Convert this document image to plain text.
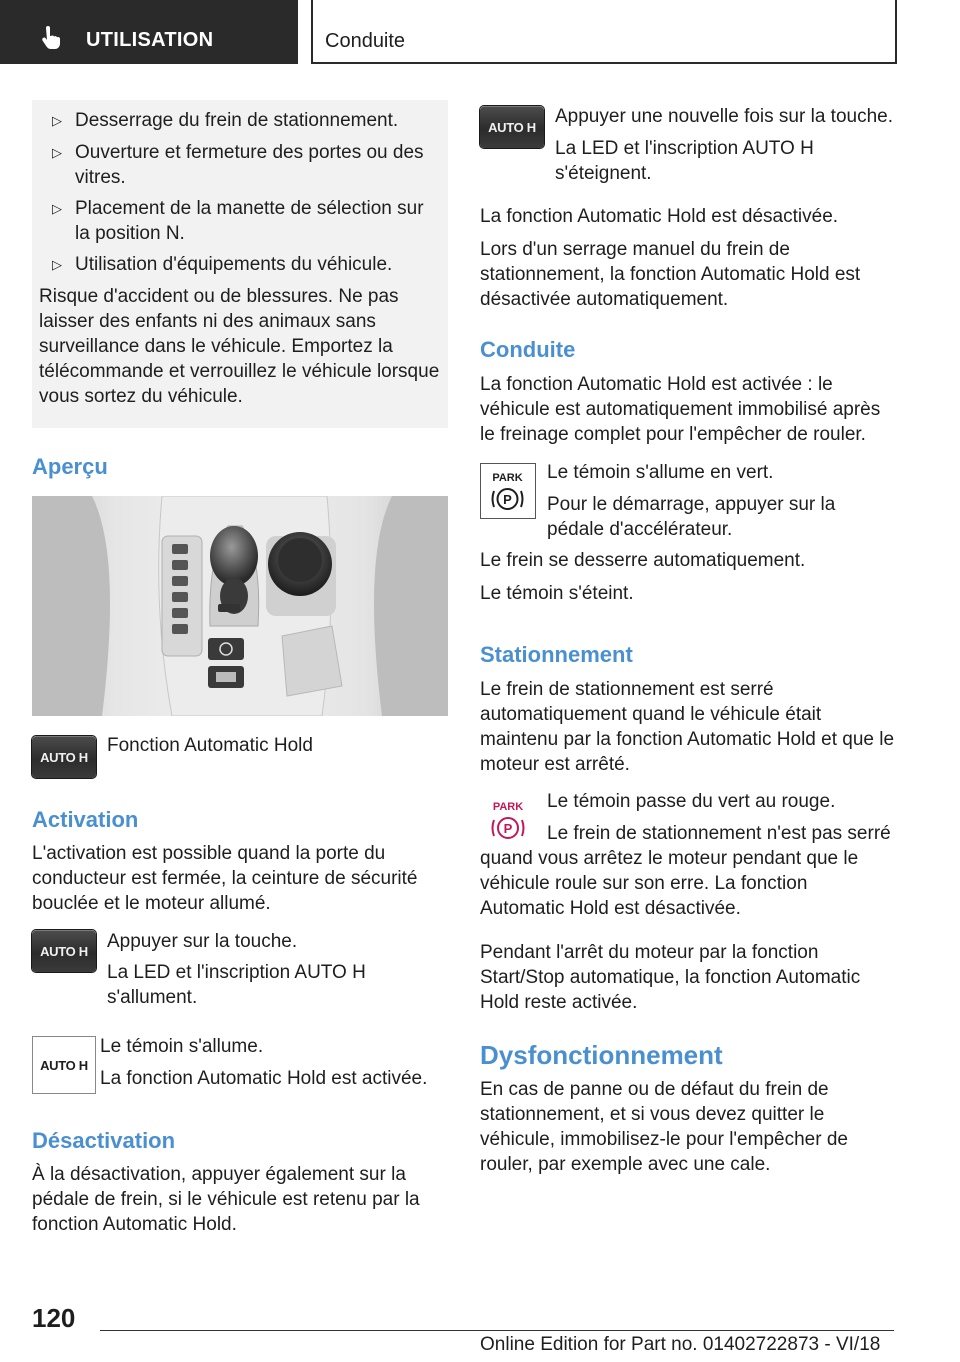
UTILISATION	Conduite
▷ Desserrage du frein de stationnement.
▷ Ouverture et fermeture des portes ou des vitres.
▷ Placement de la manette de sélection sur la position N.
▷ Utilisation d'équipements du véhicule.
Risque d'accident ou de blessures. Ne pas laisser des enfants ni des animaux sans surveillance dans le véhicule. Emportez la télécommande et verrouillez le véhicule lorsque vous sortez du véhicule.
Aperçu
AUTO H
Fonction Automatic Hold
Activation
L'activation est possible quand la porte du conducteur est fermée, la ceinture de sécurité bouclée et le moteur allumé.
AUTO H Appuyer sur la touche.
La LED et l'inscription AUTO H s'allument.
AUTO H
Le témoin s'allume.
La fonction Automatic Hold est activée.
Désactivation
À la désactivation, appuyer également sur la pédale de frein, si le véhicule est retenu par la fonction Automatic Hold.
AUTO H Appuyer une nouvelle fois sur la touche.
La LED et l'inscription AUTO H s'éteignent.
La fonction Automatic Hold est désactivée.
Lors d'un serrage manuel du frein de stationnement, la fonction Automatic Hold est désactivée automatiquement.
Conduite
La fonction Automatic Hold est activée : le véhicule est automatiquement immobilisé après le freinage complet pour l'empêcher de rouler.
PARK
P
Le témoin s'allume en vert.
Pour le démarrage, appuyer sur la pédale d'accélérateur.
Le frein se desserre automatiquement.
Le témoin s'éteint.
Stationnement
Le frein de stationnement est serré automatiquement quand le véhicule était maintenu par la fonction Automatic Hold et que le moteur est arrêté.
PARK
P
Le témoin passe du vert au rouge.
Le frein de stationnement n'est pas serré quand vous arrêtez le moteur pendant que le véhicule roule sur son erre. La fonction Automatic Hold est désactivée.
Pendant l'arrêt du moteur par la fonction Start/Stop automatique, la fonction Automatic Hold reste activée.
Dysfonctionnement
En cas de panne ou de défaut du frein de stationnement, et si vous devez quitter le véhicule, immobilisez-le pour l'empêcher de rouler, par exemple avec une cale.
120
Online Edition for Part no. 01402722873 - VI/18
